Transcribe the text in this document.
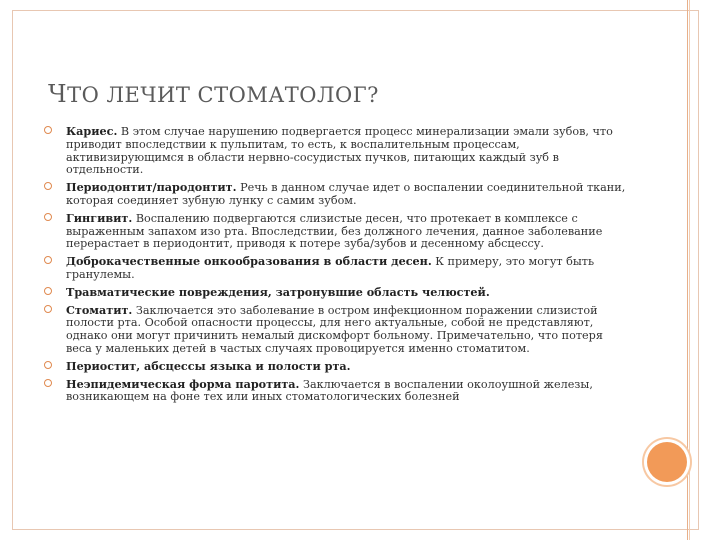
ЧТО ЛЕЧИТ СТОМАТОЛОГ?
Кариес. В этом случае нарушению подвергается процесс минерализации эмали зубов, что приводит впоследствии к пульпитам, то есть, к воспалительным процессам, активизирующимся в области нервно-сосудистых пучков, питающих каждый зуб в отдельности.
Периодонтит/пародонтит. Речь в данном случае идет о воспалении соединительной ткани, которая соединяет зубную лунку с самим зубом.
Гингивит. Воспалению подвергаются слизистые десен, что протекает в комплексе с выраженным запахом изо рта. Впоследствии, без должного лечения, данное заболевание перерастает в периодонтит, приводя к потере зуба/зубов и десенному абсцессу.
Доброкачественные онкообразования в области десен. К примеру, это могут быть гранулемы.
Травматические повреждения, затронувшие область челюстей.
Стоматит. Заключается это заболевание в остром инфекционном поражении слизистой полости рта. Особой опасности процессы, для него актуальные, собой не представляют, однако они могут причинить немалый дискомфорт больному. Примечательно, что потеря веса у маленьких детей в частых случаях провоцируется именно стоматитом.
Периостит, абсцессы языка и полости рта.
Неэпидемическая форма паротита. Заключается в воспалении околоушной железы, возникающем на фоне тех или иных стоматологических болезней
